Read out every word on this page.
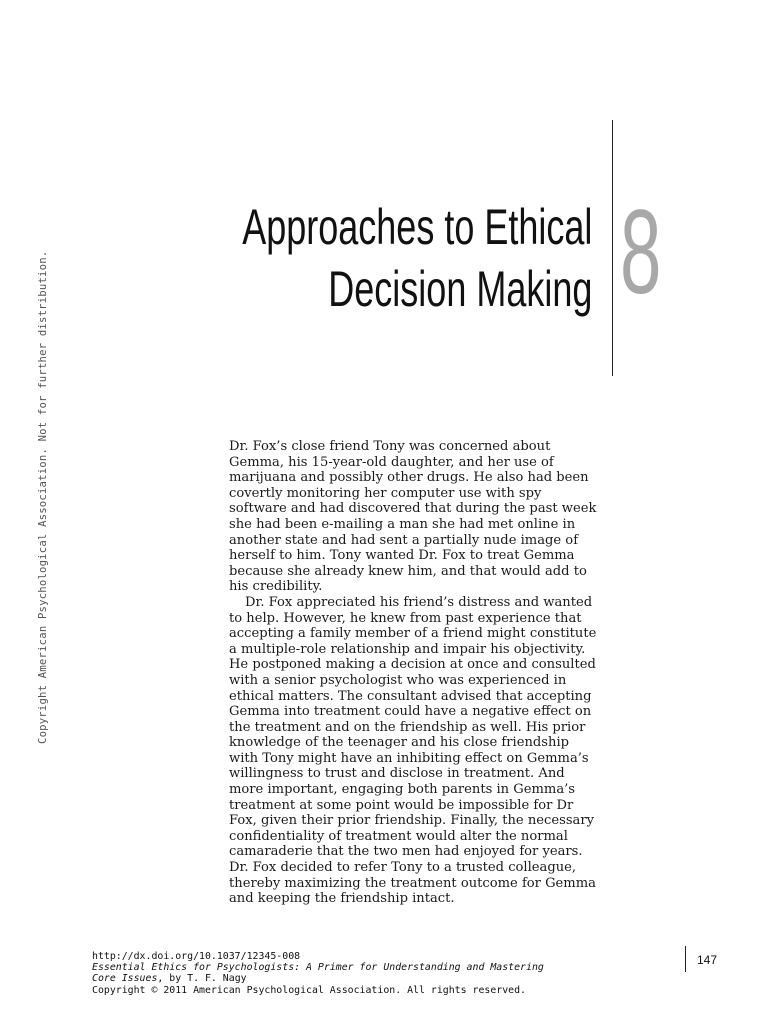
Copyright American Psychological Association. Not for further distribution.
Approaches to Ethical
Decision Making 8

Dr. Fox’s close friend Tony was concerned about Gemma, his 15-year-old daughter, and her use of marijuana and possibly other drugs. He also had been covertly monitoring her computer use with spy software and had discovered that during the past week she had been e-mailing a man she had met online in another state and had sent a partially nude image of herself to him. Tony wanted Dr. Fox to treat Gemma because she already knew him, and that would add to his credibility.

Dr. Fox appreciated his friend’s distress and wanted to help. However, he knew from past experience that accepting a family member of a friend might constitute a multiple-role relationship and impair his objectivity. He postponed making a decision at once and consulted with a senior psychologist who was experienced in ethical matters. The consultant advised that accepting Gemma into treatment could have a negative effect on the treatment and on the friendship as well. His prior knowledge of the teenager and his close friendship with Tony might have an inhibiting effect on Gemma’s willingness to trust and disclose in treatment. And more important, engaging both parents in Gemma’s treatment at some point would be impossible for Dr Fox, given their prior friendship. Finally, the necessary confidentiality of treatment would alter the normal camaraderie that the two men had enjoyed for years. Dr. Fox decided to refer Tony to a trusted colleague, thereby maximizing the treatment outcome for Gemma and keeping the friendship intact.

http://dx.doi.org/10.1037/12345-008
Essential Ethics for Psychologists: A Primer for Understanding and Mastering
Core Issues, by T. F. Nagy
Copyright © 2011 American Psychological Association. All rights reserved.
147
